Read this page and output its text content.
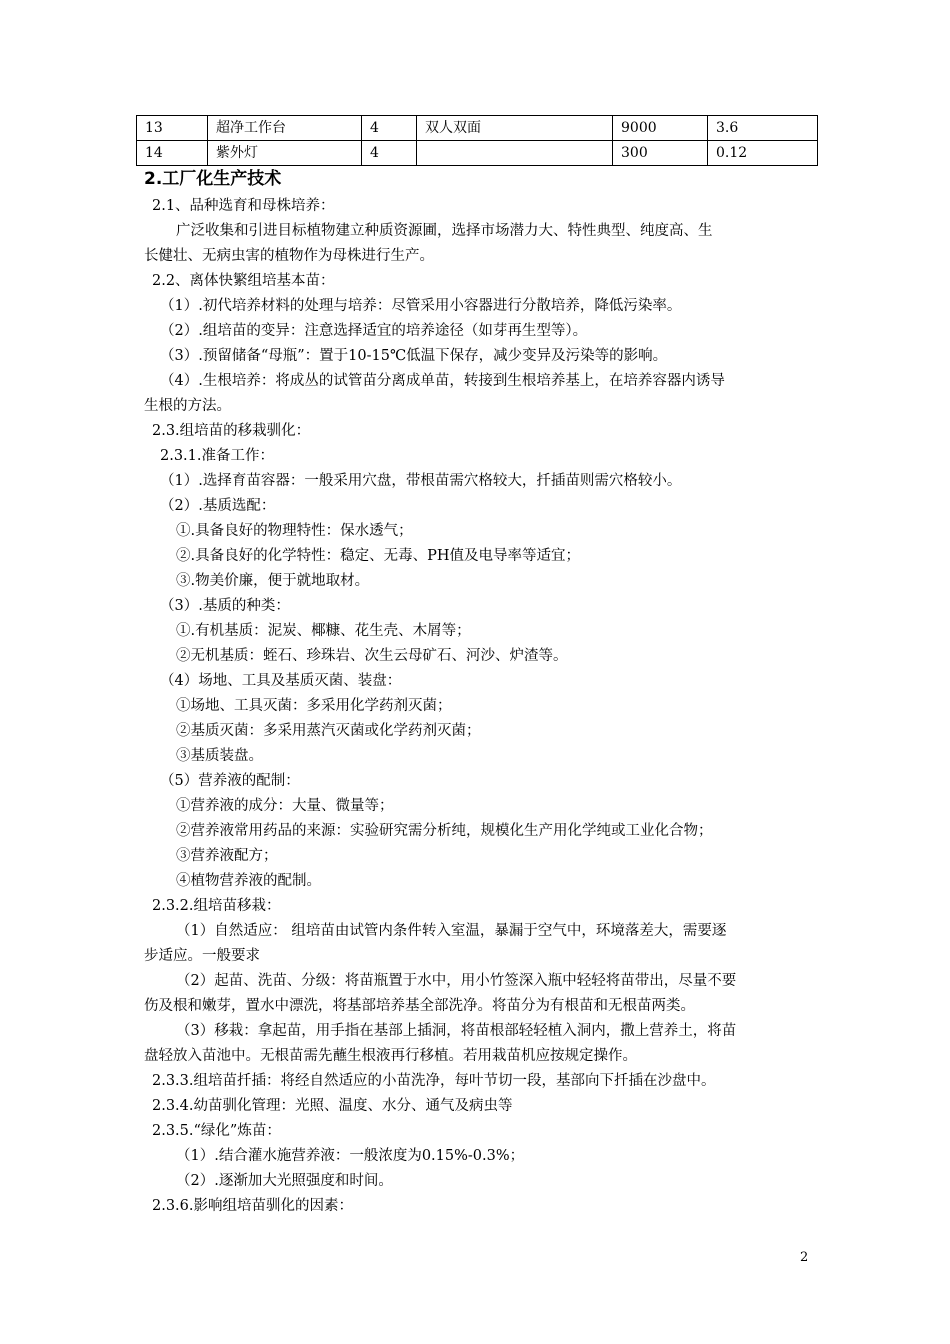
13	超净工作台	4	双人双面	9000	3.6
14	紫外灯	4		300	0.12
2.工厂化生产技术
2.1、品种选育和母株培养：
广泛收集和引进目标植物建立种质资源圃，选择市场潜力大、特性典型、纯度高、生
长健壮、无病虫害的植物作为母株进行生产。
2.2、离体快繁组培基本苗：
（1）.初代培养材料的处理与培养：尽管采用小容器进行分散培养，降低污染率。
（2）.组培苗的变异：注意选择适宜的培养途径（如芽再生型等）。
（3）.预留储备“母瓶”：置于10-15℃低温下保存，减少变异及污染等的影响。
（4）.生根培养：将成丛的试管苗分离成单苗，转接到生根培养基上，在培养容器内诱导
生根的方法。
2.3.组培苗的移栽驯化：
2.3.1.准备工作：
（1）.选择育苗容器：一般采用穴盘，带根苗需穴格较大，扦插苗则需穴格较小。
（2）.基质选配：
①.具备良好的物理特性：保水透气；
②.具备良好的化学特性：稳定、无毒、PH值及电导率等适宜；
③.物美价廉，便于就地取材。
（3）.基质的种类：
①.有机基质：泥炭、椰糠、花生壳、木屑等；
②无机基质：蛭石、珍珠岩、次生云母矿石、河沙、炉渣等。
（4）场地、工具及基质灭菌、装盘：
①场地、工具灭菌：多采用化学药剂灭菌；
②基质灭菌：多采用蒸汽灭菌或化学药剂灭菌；
③基质装盘。
（5）营养液的配制：
①营养液的成分：大量、微量等；
②营养液常用药品的来源：实验研究需分析纯，规模化生产用化学纯或工业化合物；
③营养液配方；
④植物营养液的配制。
2.3.2.组培苗移栽：
（1）自然适应： 组培苗由试管内条件转入室温，暴漏于空气中，环境落差大，需要逐
步适应。一般要求
（2）起苗、洗苗、分级：将苗瓶置于水中，用小竹签深入瓶中轻轻将苗带出，尽量不要
伤及根和嫩芽，置水中漂洗，将基部培养基全部洗净。将苗分为有根苗和无根苗两类。
（3）移栽：拿起苗，用手指在基部上插洞，将苗根部轻轻植入洞内，撒上营养土，将苗
盘轻放入苗池中。无根苗需先蘸生根液再行移植。若用栽苗机应按规定操作。
2.3.3.组培苗扦插：将经自然适应的小苗洗净，每叶节切一段，基部向下扦插在沙盘中。
2.3.4.幼苗驯化管理：光照、温度、水分、通气及病虫等
2.3.5.“绿化”炼苗：
（1）.结合灌水施营养液：一般浓度为0.15%-0.3%；
（2）.逐渐加大光照强度和时间。
2.3.6.影响组培苗驯化的因素：
2
